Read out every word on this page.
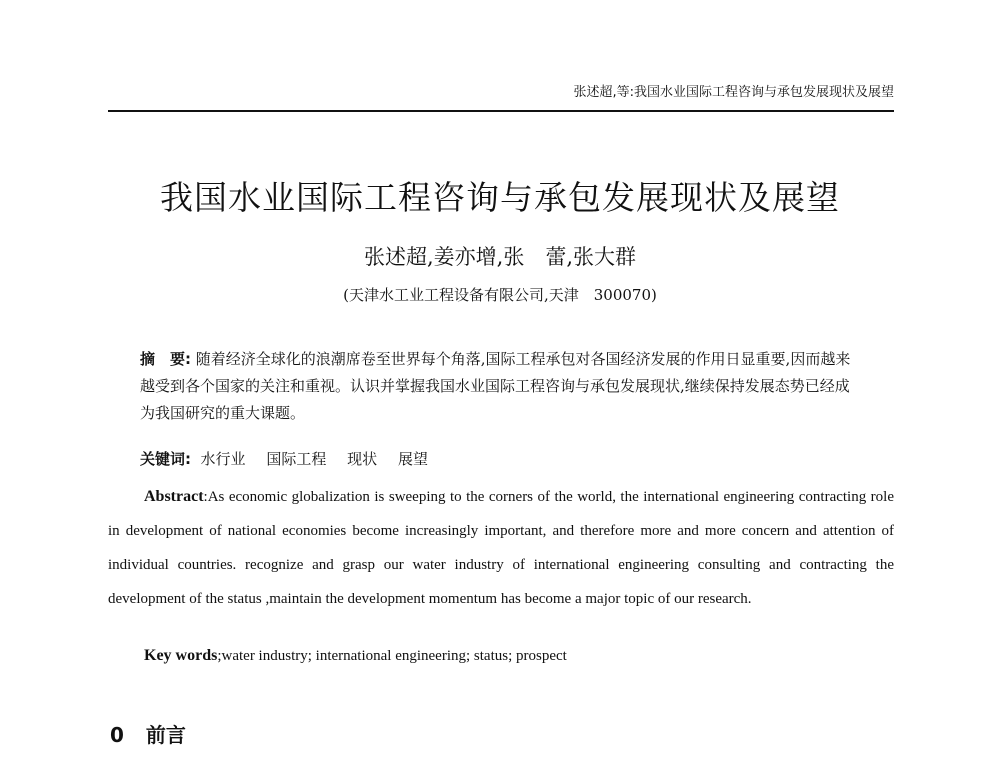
张述超,等:我国水业国际工程咨询与承包发展现状及展望
我国水业国际工程咨询与承包发展现状及展望
张述超,姜亦增,张　蕾,张大群
(天津水工业工程设备有限公司,天津　300070)
摘　要: 随着经济全球化的浪潮席卷至世界每个角落,国际工程承包对各国经济发展的作用日显重要,因而越来越受到各个国家的关注和重视。认识并掌握我国水业国际工程咨询与承包发展现状,继续保持发展态势已经成为我国研究的重大课题。
关键词: 水行业 国际工程 现状 展望
Abstract:As economic globalization is sweeping to the corners of the world, the international engineering contracting role in development of national economies become increasingly important, and therefore more and more concern and attention of individual countries. recognize and grasp our water industry of international engineering consulting and contracting the development of the status ,maintain the development momentum has become a major topic of our research.
Key words;water industry; international engineering; status; prospect
0 前言
